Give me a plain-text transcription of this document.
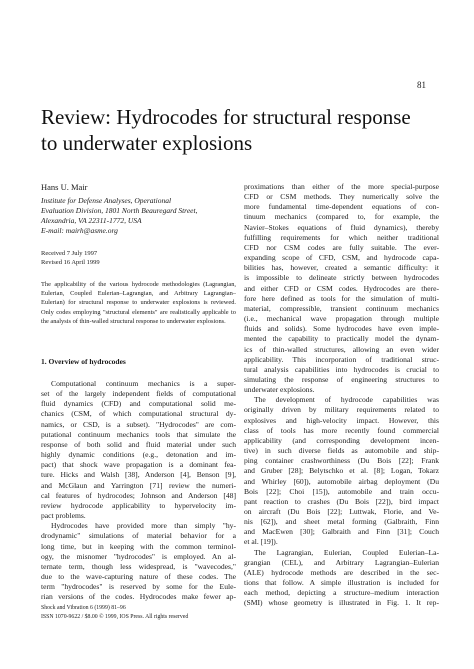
81
Review: Hydrocodes for structural response
to underwater explosions
Hans U. Mair
Institute for Defense Analyses, Operational
Evaluation Division, 1801 North Beauregard Street,
Alexandria, VA 22311-1772, USA
E-mail: mairh@asme.org
Received 7 July 1997
Revised 16 April 1999

The applicability of the various hydrocode methodologies (Lagrangian, Eulerian, Coupled Eulerian–Lagrangian, and Arbitrary Lagrangian–Eulerian) for structural response to underwater explosions is reviewed. Only codes employing "structural elements" are realistically applicable to the analysis of thin-walled structural response to underwater explosions.

1. Overview of hydrocodes
Computational continuum mechanics is a super-
set of the largely independent fields of computational
fluid dynamics (CFD) and computational solid me-
chanics (CSM, of which computational structural dy-
namics, or CSD, is a subset). "Hydrocodes" are com-
putational continuum mechanics tools that simulate the
response of both solid and fluid material under such
highly dynamic conditions (e.g., detonation and im-
pact) that shock wave propagation is a dominant fea-
ture. Hicks and Walsh [38], Anderson [4], Benson [9],
and McGlaun and Yarrington [71] review the numeri-
cal features of hydrocodes; Johnson and Anderson [48]
review hydrocode applicability to hypervelocity im-
pact problems.
Hydrocodes have provided more than simply "hy-
drodynamic" simulations of material behavior for a
long time, but in keeping with the common terminol-
ogy, the misnomer "hydrocodes" is employed. An al-
ternate term, though less widespread, is "wavecodes,"
due to the wave-capturing nature of these codes. The
term "hydrocodes" is reserved by some for the Eule-
rian versions of the codes. Hydrocodes make fewer ap-
proximations than either of the more special-purpose
CFD or CSM methods. They numerically solve the
more fundamental time-dependent equations of con-
tinuum mechanics (compared to, for example, the
Navier–Stokes equations of fluid dynamics), thereby
fulfilling requirements for which neither traditional
CFD nor CSM codes are fully suitable. The ever-
expanding scope of CFD, CSM, and hydrocode capa-
bilities has, however, created a semantic difficulty: it
is impossible to delineate strictly between hydrocodes
and either CFD or CSM codes. Hydrocodes are there-
fore here defined as tools for the simulation of multi-
material, compressible, transient continuum mechanics
(i.e., mechanical wave propagation through multiple
fluids and solids). Some hydrocodes have even imple-
mented the capability to practically model the dynam-
ics of thin-walled structures, allowing an even wider
applicability. This incorporation of traditional struc-
tural analysis capabilities into hydrocodes is crucial to
simulating the response of engineering structures to
underwater explosions.
The development of hydrocode capabilities was
originally driven by military requirements related to
explosives and high-velocity impact. However, this
class of tools has more recently found commercial
applicability (and corresponding development incen-
tive) in such diverse fields as automobile and ship-
ping container crashworthiness (Du Bois [22]; Frank
and Gruber [28]; Belytschko et al. [8]; Logan, Tokarz
and Whirley [60]), automobile airbag deployment (Du
Bois [22]; Choi [15]), automobile and train occu-
pant reaction to crashes (Du Bois [22]), bird impact
on aircraft (Du Bois [22]; Luttwak, Florie, and Ve-
nis [62]), and sheet metal forming (Galbraith, Finn
and MacEwen [30]; Galbraith and Finn [31]; Couch
et al. [19]).
The Lagrangian, Eulerian, Coupled Eulerian–La-
grangian (CEL), and Arbitrary Lagrangian–Eulerian
(ALE) hydrocode methods are described in the sec-
tions that follow. A simple illustration is included for
each method, depicting a structure–medium interaction
(SMI) whose geometry is illustrated in Fig. 1. It rep-
Shock and Vibration 6 (1999) 81–96
ISSN 1070-9622 / $8.00 © 1999, IOS Press. All rights reserved
